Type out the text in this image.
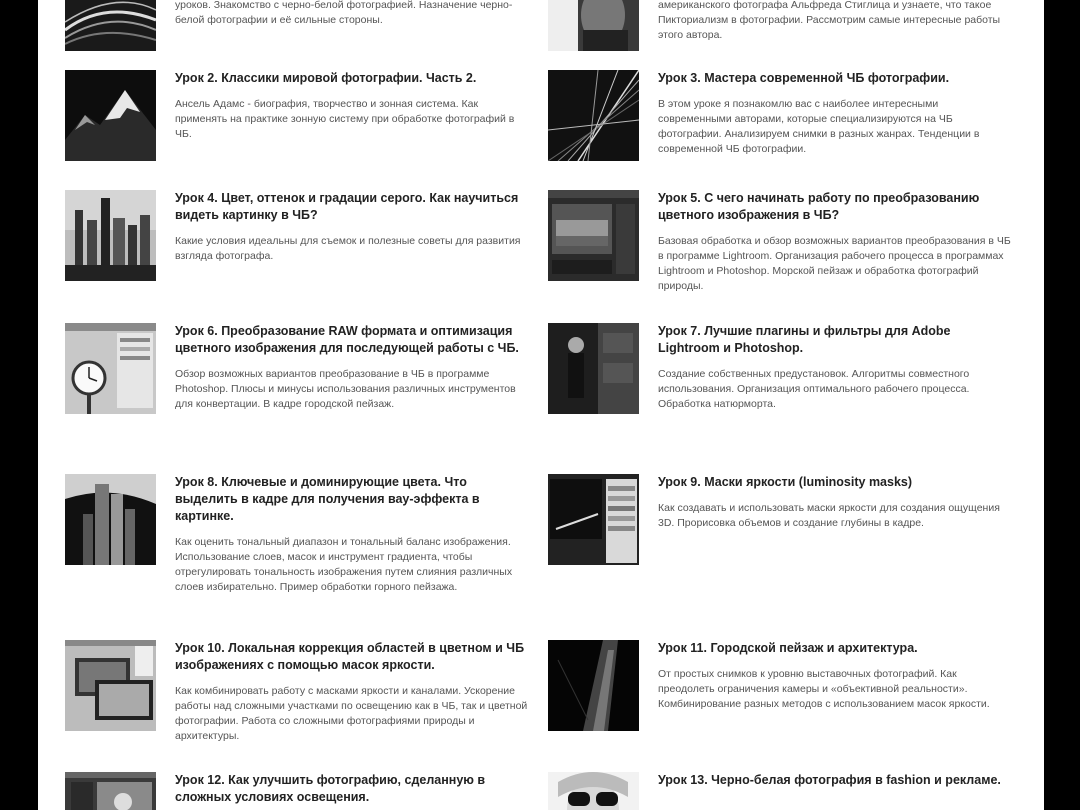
уроков. Знакомство с черно-белой фотографией. Назначение черно-белой фотографии и её сильные стороны.

американского фотографа Альфреда Стиглица и узнаете, что такое Пикториализм в фотографии. Рассмотрим самые интересные работы этого автора.

Урок 2. Классики мировой фотографии. Часть 2.

Ансель Адамс - биография, творчество и зонная система. Как применять на практике зонную систему при обработке фотографий в ЧБ.

Урок 3. Мастера современной ЧБ фотографии.

В этом уроке я познакомлю вас с наиболее интересными современными авторами, которые специализируются на ЧБ фотографии. Анализируем снимки в разных жанрах. Тенденции в современной ЧБ фотографии.

Урок 4. Цвет, оттенок и градации серого. Как научиться видеть картинку в ЧБ?

Какие условия идеальны для съемок и полезные советы для развития взгляда фотографа.

Урок 5. С чего начинать работу по преобразованию цветного изображения в ЧБ?

Базовая обработка и обзор возможных вариантов преобразования в ЧБ в программе Lightroom. Организация рабочего процесса в программах Lightroom и Photoshop. Морской пейзаж и обработка фотографий природы.

Урок 6. Преобразование RAW формата и оптимизация цветного изображения для последующей работы с ЧБ.

Обзор возможных вариантов преобразование в ЧБ в программе Photoshop. Плюсы и минусы использования различных инструментов для конвертации. В кадре городской пейзаж.

Урок 7. Лучшие плагины и фильтры для Adobe Lightroom и Photoshop.

Создание собственных предустановок. Алгоритмы совместного использования. Организация оптимального рабочего процесса. Обработка натюрморта.

Урок 8. Ключевые и доминирующие цвета. Что выделить в кадре для получения вау-эффекта в картинке.

Как оценить тональный диапазон и тональный баланс изображения. Использование слоев, масок и инструмент градиента, чтобы отрегулировать тональность изображения путем слияния различных слоев избирательно. Пример обработки горного пейзажа.

Урок 9. Маски яркости (luminosity masks)

Как создавать и использовать маски яркости для создания ощущения 3D. Прорисовка объемов и создание глубины в кадре.

Урок 10. Локальная коррекция областей в цветном и ЧБ изображениях с помощью масок яркости.

Как комбинировать работу с масками яркости и каналами. Ускорение работы над сложными участками по освещению как в ЧБ, так и цветной фотографии. Работа со сложными фотографиями природы и архитектуры.

Урок 11. Городской пейзаж и архитектура.

От простых снимков к уровню выставочных фотографий. Как преодолеть ограничения камеры и «объективной реальности». Комбинирование разных методов с использованием масок яркости.

Урок 12. Как улучшить фотографию, сделанную в сложных условиях освещения.

Урок 13. Черно-белая фотография в fashion и рекламе.
